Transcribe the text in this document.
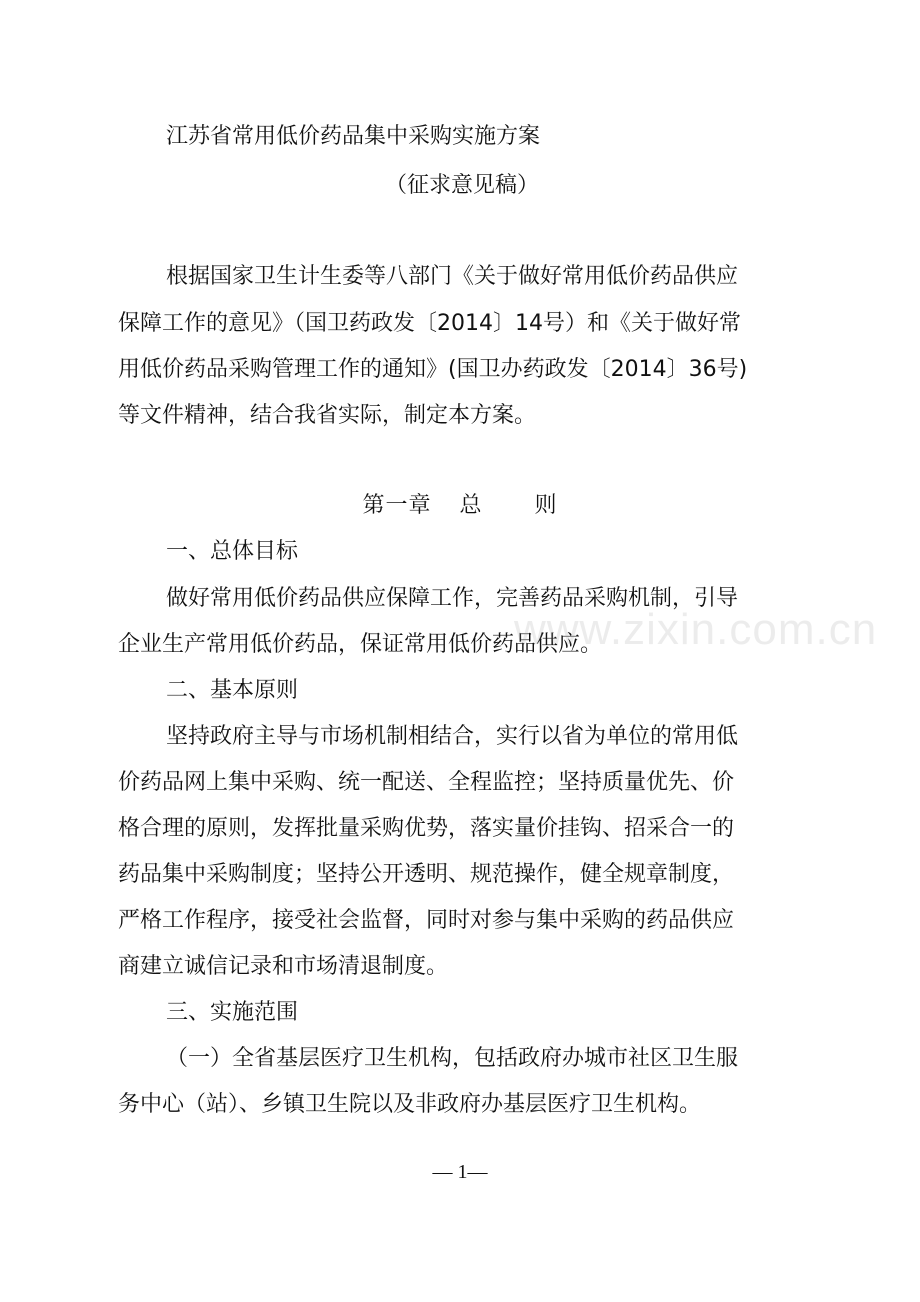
江苏省常用低价药品集中采购实施方案
（征求意见稿）
根据国家卫生计生委等八部门《关于做好常用低价药品供应
保障工作的意见》（国卫药政发〔2014〕14号）和《关于做好常
用低价药品采购管理工作的通知》(国卫办药政发〔2014〕36号)
等文件精神，结合我省实际，制定本方案。
第一章 总 则
一、总体目标
做好常用低价药品供应保障工作，完善药品采购机制，引导
企业生产常用低价药品，保证常用低价药品供应。
二、基本原则
坚持政府主导与市场机制相结合，实行以省为单位的常用低
价药品网上集中采购、统一配送、全程监控；坚持质量优先、价
格合理的原则，发挥批量采购优势，落实量价挂钩、招采合一的
药品集中采购制度；坚持公开透明、规范操作，健全规章制度，
严格工作程序，接受社会监督，同时对参与集中采购的药品供应
商建立诚信记录和市场清退制度。
三、实施范围
（一）全省基层医疗卫生机构，包括政府办城市社区卫生服
务中心（站）、乡镇卫生院以及非政府办基层医疗卫生机构。
www.zixin.com.cn
— 1—
